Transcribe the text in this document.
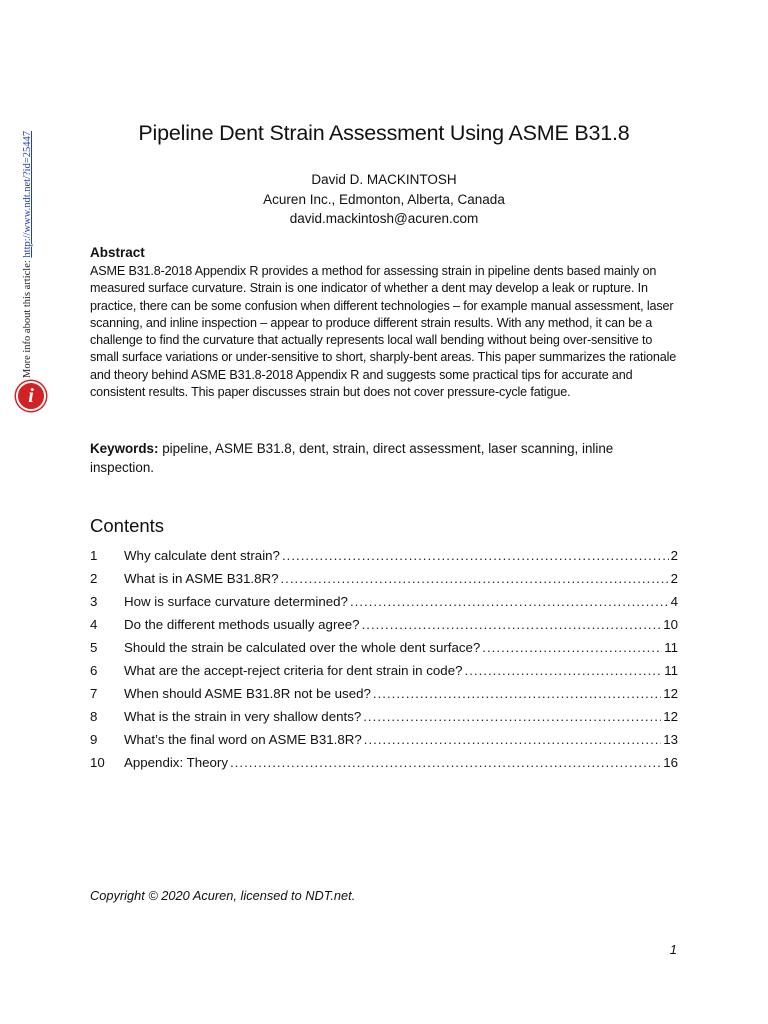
More info about this article: http://www.ndt.net/?id=25447
i
Pipeline Dent Strain Assessment Using ASME B31.8
David D. MACKINTOSH
Acuren Inc., Edmonton, Alberta, Canada
david.mackintosh@acuren.com
Abstract
ASME B31.8-2018 Appendix R provides a method for assessing strain in pipeline dents based mainly on measured surface curvature. Strain is one indicator of whether a dent may develop a leak or rupture. In practice, there can be some confusion when different technologies – for example manual assessment, laser scanning, and inline inspection – appear to produce different strain results. With any method, it can be a challenge to find the curvature that actually represents local wall bending without being over-sensitive to small surface variations or under-sensitive to short, sharply-bent areas. This paper summarizes the rationale and theory behind ASME B31.8-2018 Appendix R and suggests some practical tips for accurate and consistent results. This paper discusses strain but does not cover pressure-cycle fatigue.
Keywords: pipeline, ASME B31.8, dent, strain, direct assessment, laser scanning, inline inspection.
Contents
1	Why calculate dent strain? .....	2
2	What is in ASME B31.8R? .....	2
3	How is surface curvature determined? .....	4
4	Do the different methods usually agree? .....	10
5	Should the strain be calculated over the whole dent surface? .....	11
6	What are the accept-reject criteria for dent strain in code? .....	11
7	When should ASME B31.8R not be used? .....	12
8	What is the strain in very shallow dents? .....	12
9	What’s the final word on ASME B31.8R? .....	13
10	Appendix: Theory .....	16
Copyright © 2020 Acuren, licensed to NDT.net.
1
